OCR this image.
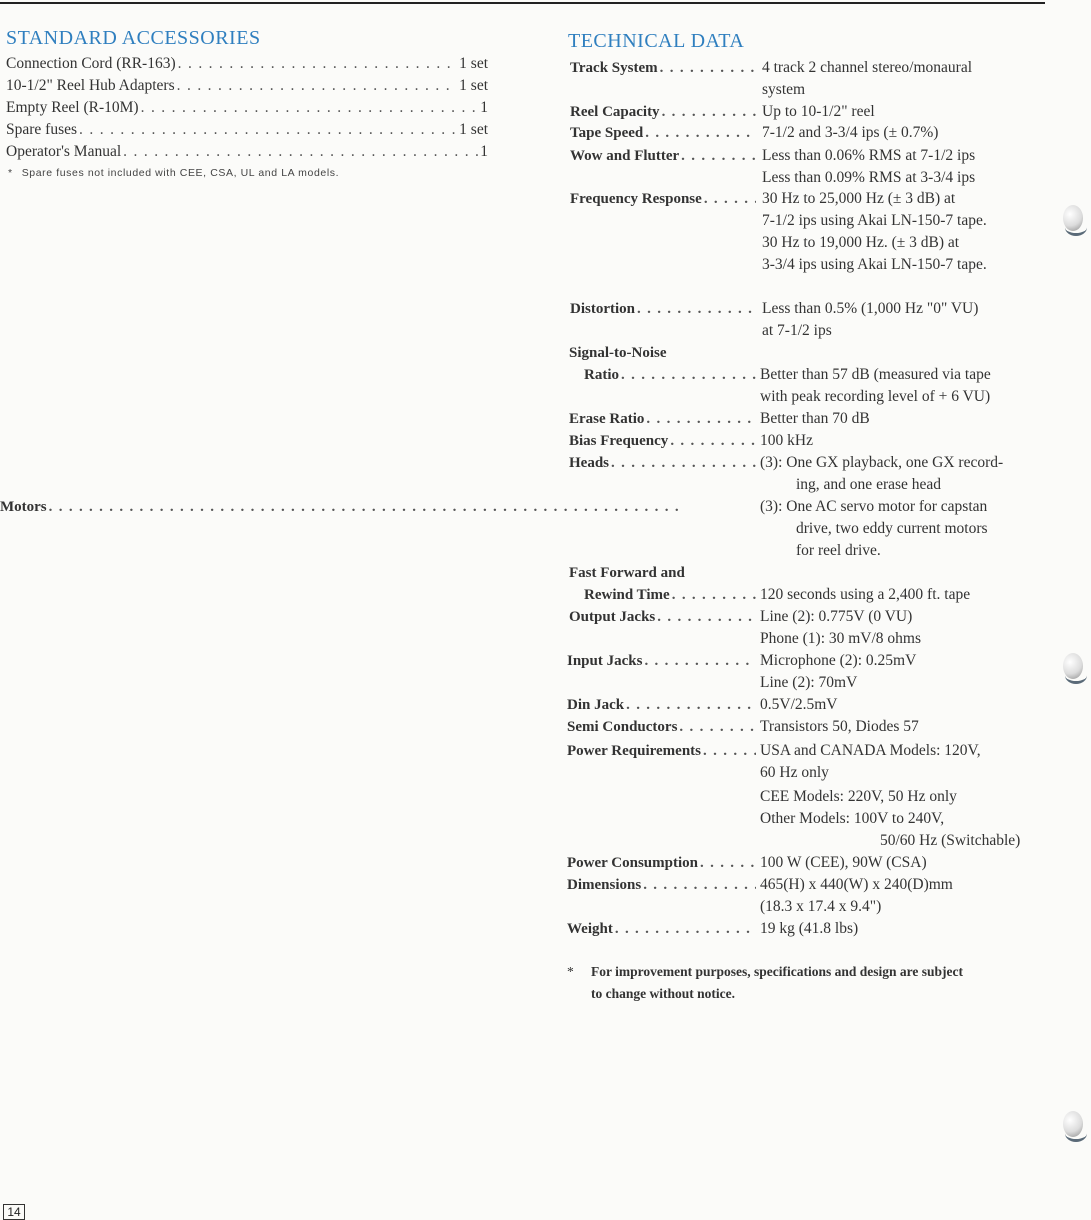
STANDARD ACCESSORIES
Connection Cord (RR-163) . . .	1 set
10-1/2" Reel Hub Adapters . . .	1 set
Empty Reel (R-10M) . . .	1
Spare fuses . . .	1 set
Operator's Manual . . .	1
* Spare fuses not included with CEE, CSA, UL and LA models.
TECHNICAL DATA
Track System . . .	4 track 2 channel stereo/monaural
system
Reel Capacity . . .	Up to 10-1/2" reel
Tape Speed . . .	7-1/2 and 3-3/4 ips (± 0.7%)
Wow and Flutter . . .	Less than 0.06% RMS at 7-1/2 ips
Less than 0.09% RMS at 3-3/4 ips
Frequency Response . . .	30 Hz to 25,000 Hz (± 3 dB) at
7-1/2 ips using Akai LN-150-7 tape.
30 Hz to 19,000 Hz. (± 3 dB) at
3-3/4 ips using Akai LN-150-7 tape.
Distortion . . .	Less than 0.5% (1,000 Hz "0" VU)
at 7-1/2 ips
Signal-to-Noise
Ratio . . .	Better than 57 dB (measured via tape
with peak recording level of + 6 VU)
Erase Ratio . . .	Better than 70 dB
Bias Frequency . . .	100 kHz
Heads . . .	(3): One GX playback, one GX record-
ing, and one erase head
Motors . . .	(3): One AC servo motor for capstan
drive, two eddy current motors
for reel drive.
Fast Forward and
Rewind Time . . .	120 seconds using a 2,400 ft. tape
Output Jacks . . .	Line (2): 0.775V (0 VU)
Phone (1): 30 mV/8 ohms
Input Jacks . . .	Microphone (2): 0.25mV
Line (2): 70mV
Din Jack . . .	0.5V/2.5mV
Semi Conductors . . .	Transistors 50, Diodes 57
Power Requirements . . .	USA and CANADA Models: 120V,
60 Hz only
CEE Models: 220V, 50 Hz only
Other Models: 100V to 240V,
50/60 Hz (Switchable)
Power Consumption . . .	100 W (CEE), 90W (CSA)
Dimensions . . .	465(H) x 440(W) x 240(D)mm
(18.3 x 17.4 x 9.4")
Weight . . .	19 kg (41.8 lbs)
* For improvement purposes, specifications and design are subject
to change without notice.
14
